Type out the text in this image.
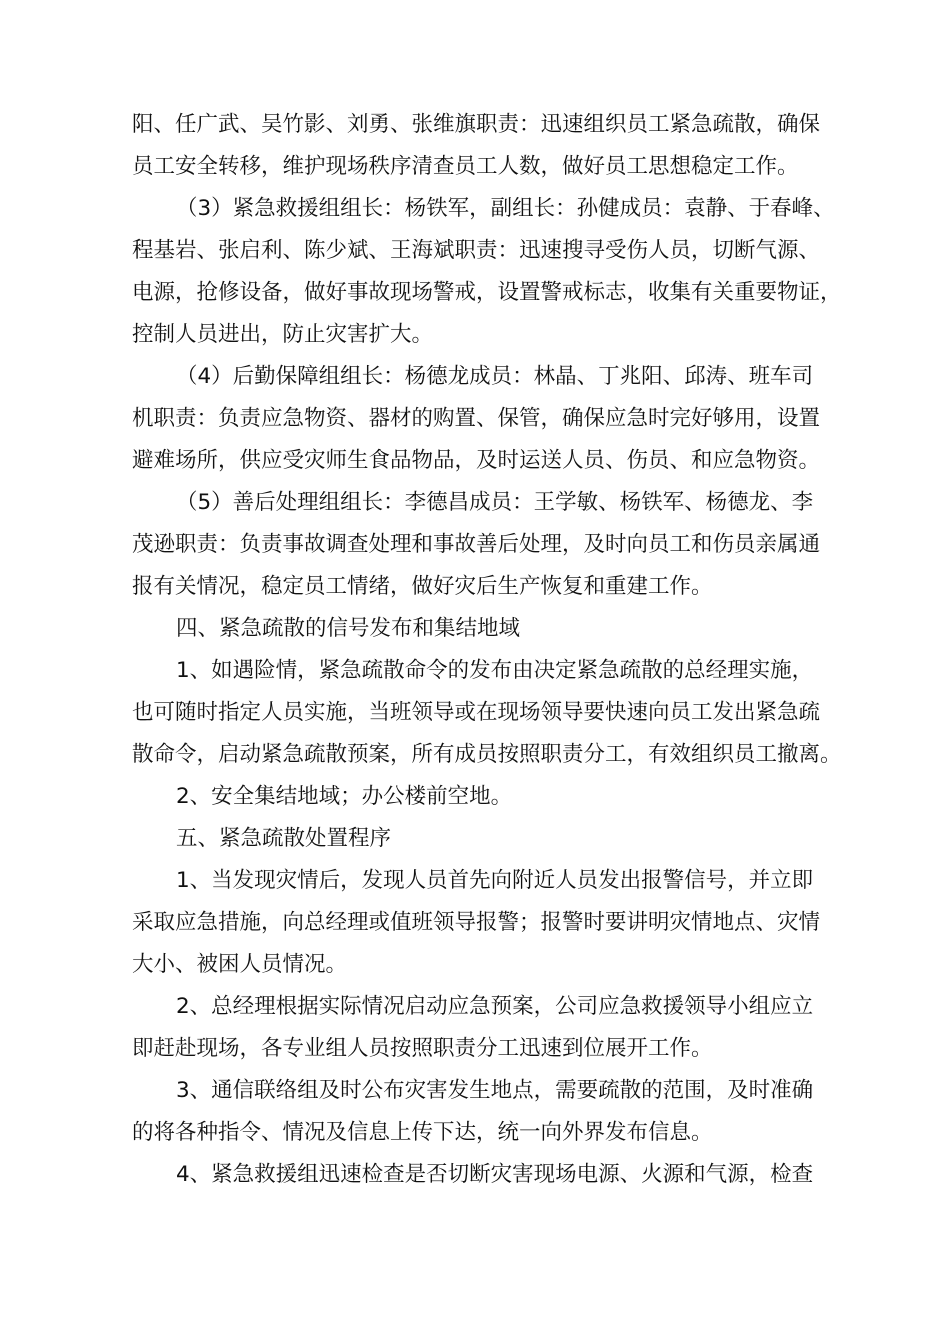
阳、任广武、吴竹影、刘勇、张维旗职责：迅速组织员工紧急疏散，确保
员工安全转移，维护现场秩序清查员工人数，做好员工思想稳定工作。
（3）紧急救援组组长：杨铁军，副组长：孙健成员：袁静、于春峰、
程基岩、张启利、陈少斌、王海斌职责：迅速搜寻受伤人员，切断气源、
电源，抢修设备，做好事故现场警戒，设置警戒标志，收集有关重要物证，
控制人员进出，防止灾害扩大。
（4）后勤保障组组长：杨德龙成员：林晶、丁兆阳、邱涛、班车司
机职责：负责应急物资、器材的购置、保管，确保应急时完好够用，设置
避难场所，供应受灾师生食品物品，及时运送人员、伤员、和应急物资。
（5）善后处理组组长：李德昌成员：王学敏、杨铁军、杨德龙、李
茂逊职责：负责事故调查处理和事故善后处理，及时向员工和伤员亲属通
报有关情况，稳定员工情绪，做好灾后生产恢复和重建工作。
四、紧急疏散的信号发布和集结地域
1、如遇险情，紧急疏散命令的发布由决定紧急疏散的总经理实施，
也可随时指定人员实施，当班领导或在现场领导要快速向员工发出紧急疏
散命令，启动紧急疏散预案，所有成员按照职责分工，有效组织员工撤离。
2、安全集结地域；办公楼前空地。
五、紧急疏散处置程序
1、当发现灾情后，发现人员首先向附近人员发出报警信号，并立即
采取应急措施，向总经理或值班领导报警；报警时要讲明灾情地点、灾情
大小、被困人员情况。
2、总经理根据实际情况启动应急预案，公司应急救援领导小组应立
即赶赴现场，各专业组人员按照职责分工迅速到位展开工作。
3、通信联络组及时公布灾害发生地点，需要疏散的范围，及时准确
的将各种指令、情况及信息上传下达，统一向外界发布信息。
4、紧急救援组迅速检查是否切断灾害现场电源、火源和气源，检查
